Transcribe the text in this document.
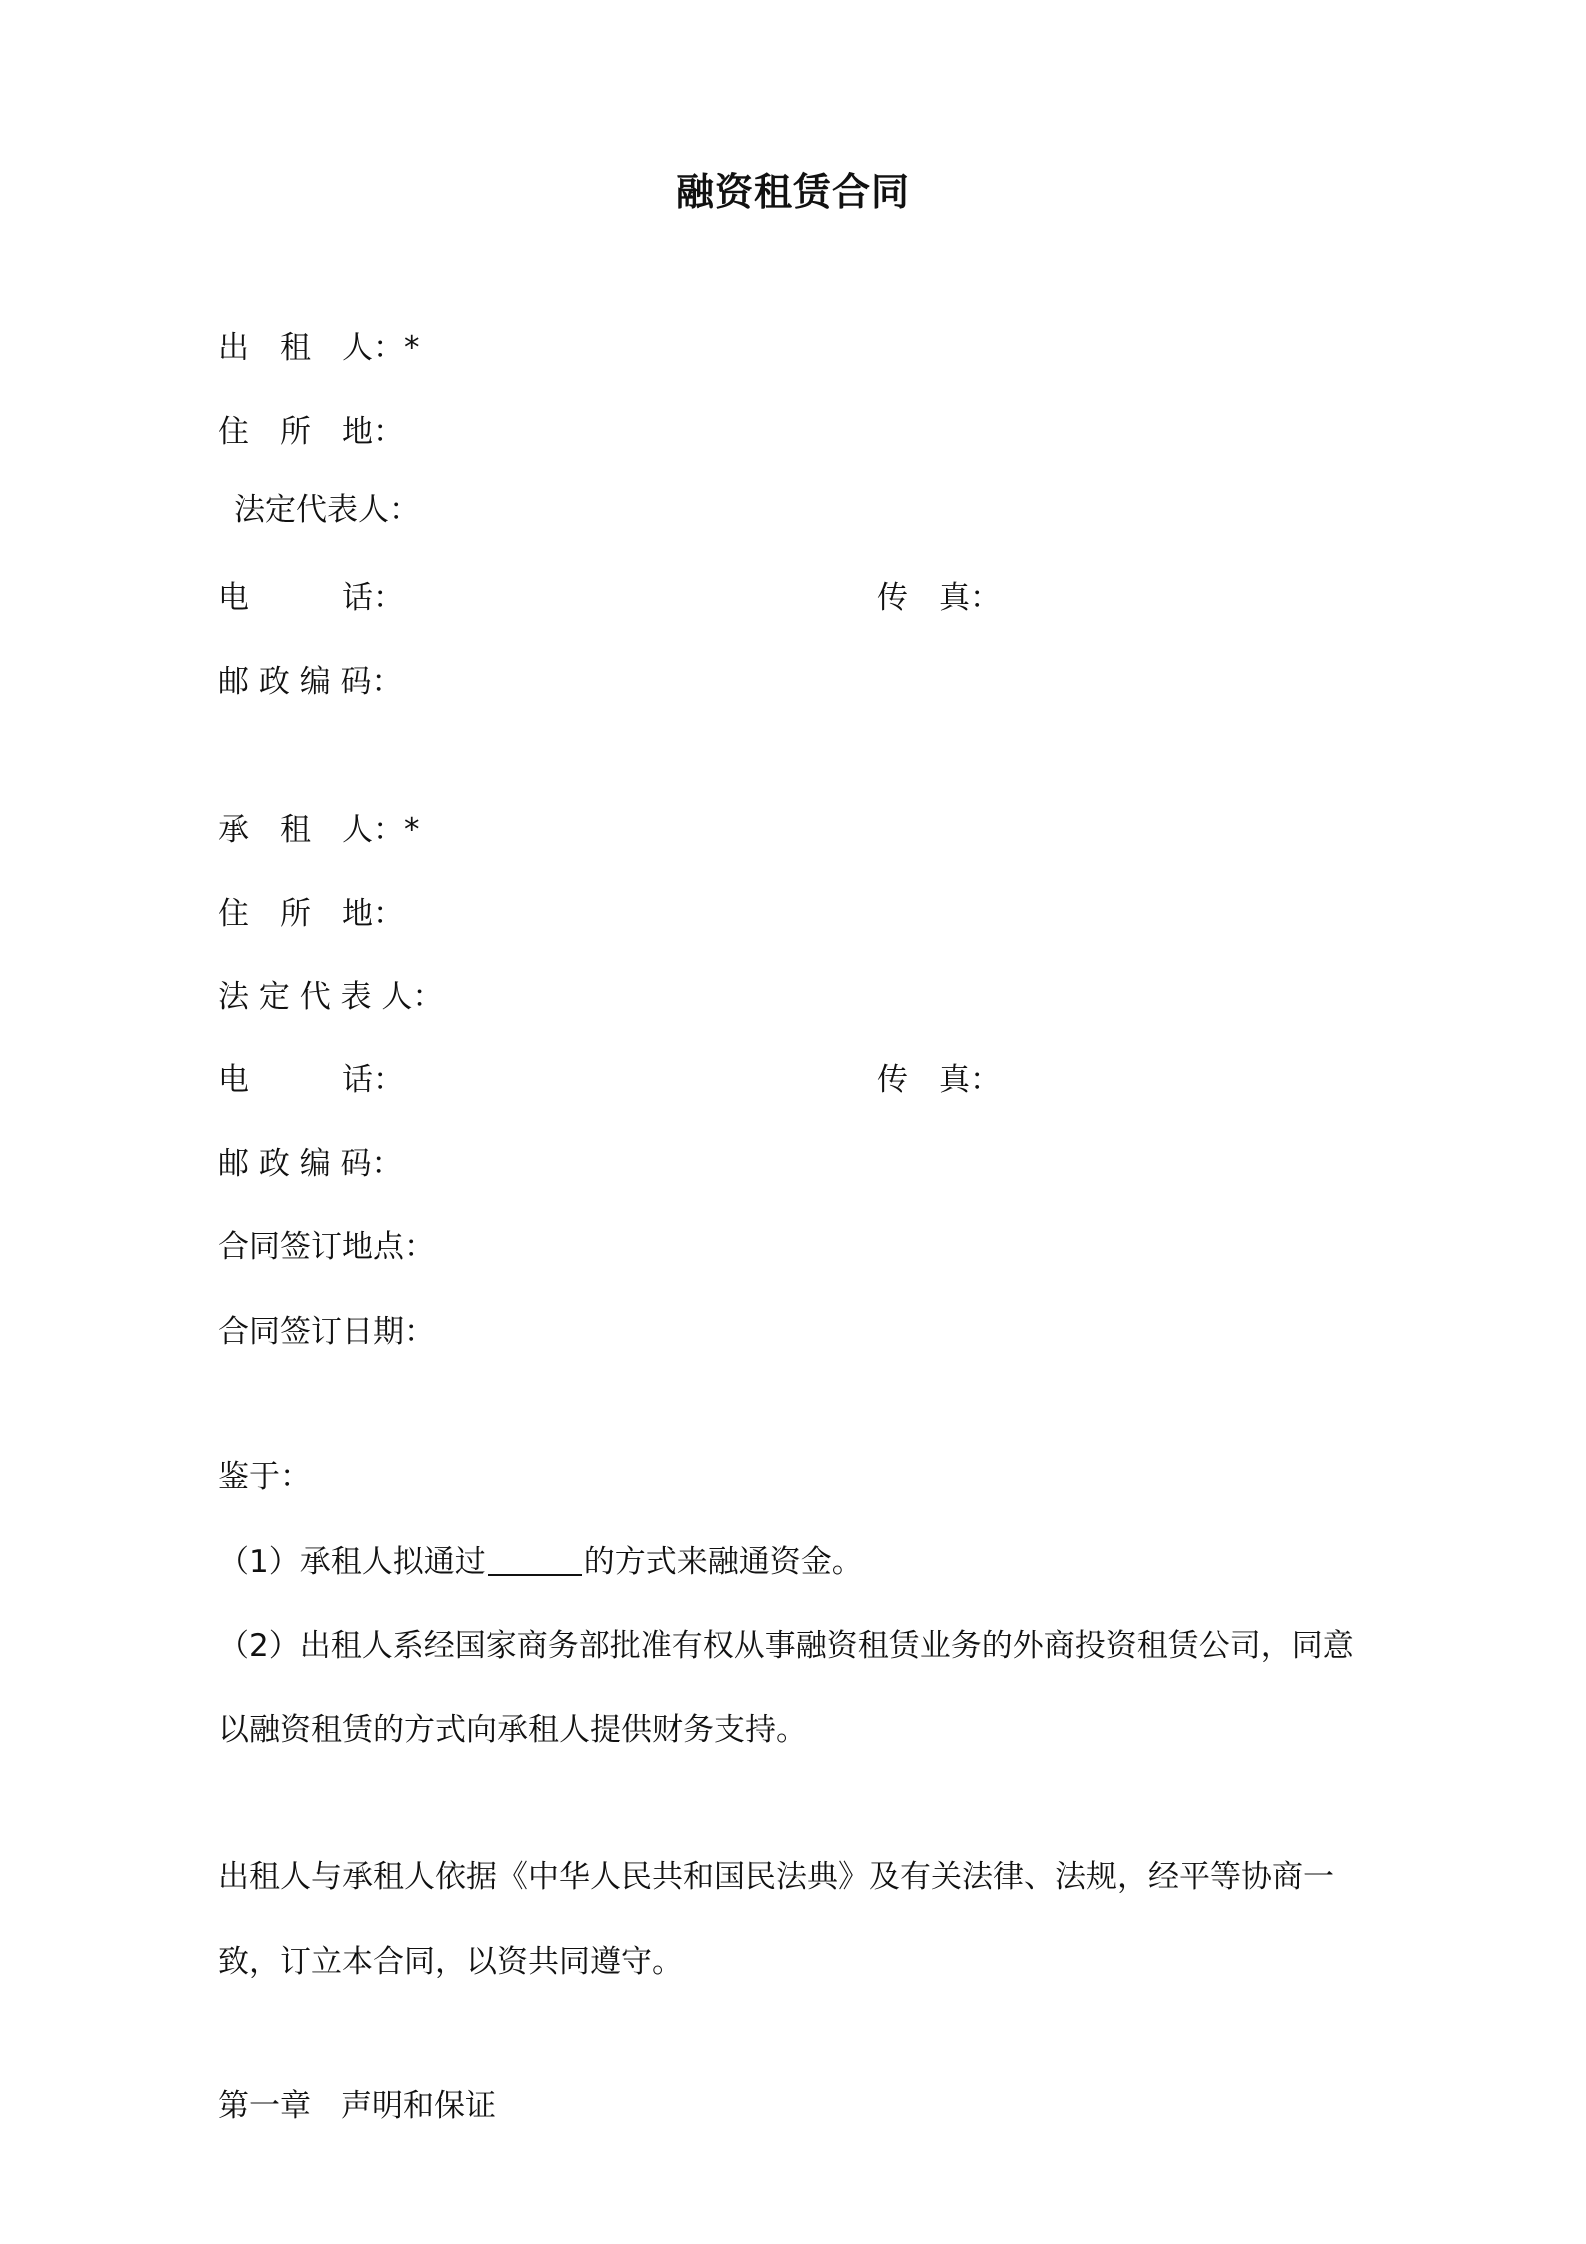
融资租赁合同
出　租　人：*
住　所　地：
法定代表人：
电　　　话：	传　真：
邮 政 编 码：
承　租　人：*
住　所　地：
法 定 代 表 人：
电　　　话：	传　真：
邮 政 编 码：
合同签订地点：
合同签订日期：
鉴于：
（1）承租人拟通过	的方式来融通资金。
（2）出租人系经国家商务部批准有权从事融资租赁业务的外商投资租赁公司，同意
以融资租赁的方式向承租人提供财务支持。
出租人与承租人依据《中华人民共和国民法典》及有关法律、法规，经平等协商一
致，订立本合同，以资共同遵守。
第一章 声明和保证
